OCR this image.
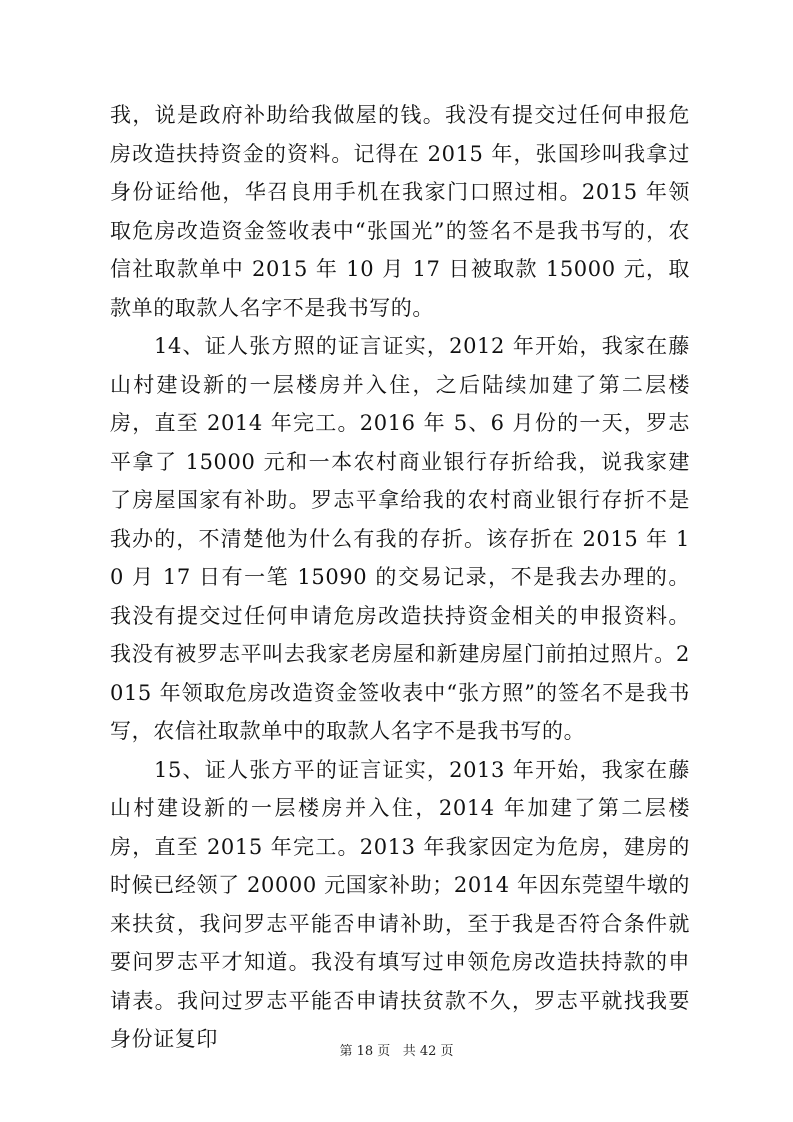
我，说是政府补助给我做屋的钱。我没有提交过任何申报危房改造扶持资金的资料。记得在 2015 年，张国珍叫我拿过身份证给他，华召良用手机在我家门口照过相。2015 年领取危房改造资金签收表中“张国光”的签名不是我书写的，农信社取款单中 2015 年 10 月 17 日被取款 15000 元，取款单的取款人名字不是我书写的。

14、证人张方照的证言证实，2012 年开始，我家在藤山村建设新的一层楼房并入住，之后陆续加建了第二层楼房，直至 2014 年完工。2016 年 5、6 月份的一天，罗志平拿了 15000 元和一本农村商业银行存折给我，说我家建了房屋国家有补助。罗志平拿给我的农村商业银行存折不是我办的，不清楚他为什么有我的存折。该存折在 2015 年 10 月 17 日有一笔 15090 的交易记录，不是我去办理的。我没有提交过任何申请危房改造扶持资金相关的申报资料。我没有被罗志平叫去我家老房屋和新建房屋门前拍过照片。2015 年领取危房改造资金签收表中“张方照”的签名不是我书写，农信社取款单中的取款人名字不是我书写的。

15、证人张方平的证言证实，2013 年开始，我家在藤山村建设新的一层楼房并入住，2014 年加建了第二层楼房，直至 2015 年完工。2013 年我家因定为危房，建房的时候已经领了 20000 元国家补助；2014 年因东莞望牛墩的来扶贫，我问罗志平能否申请补助，至于我是否符合条件就要问罗志平才知道。我没有填写过申领危房改造扶持款的申请表。我问过罗志平能否申请扶贫款不久，罗志平就找我要身份证复印

第 18 页 共 42 页
